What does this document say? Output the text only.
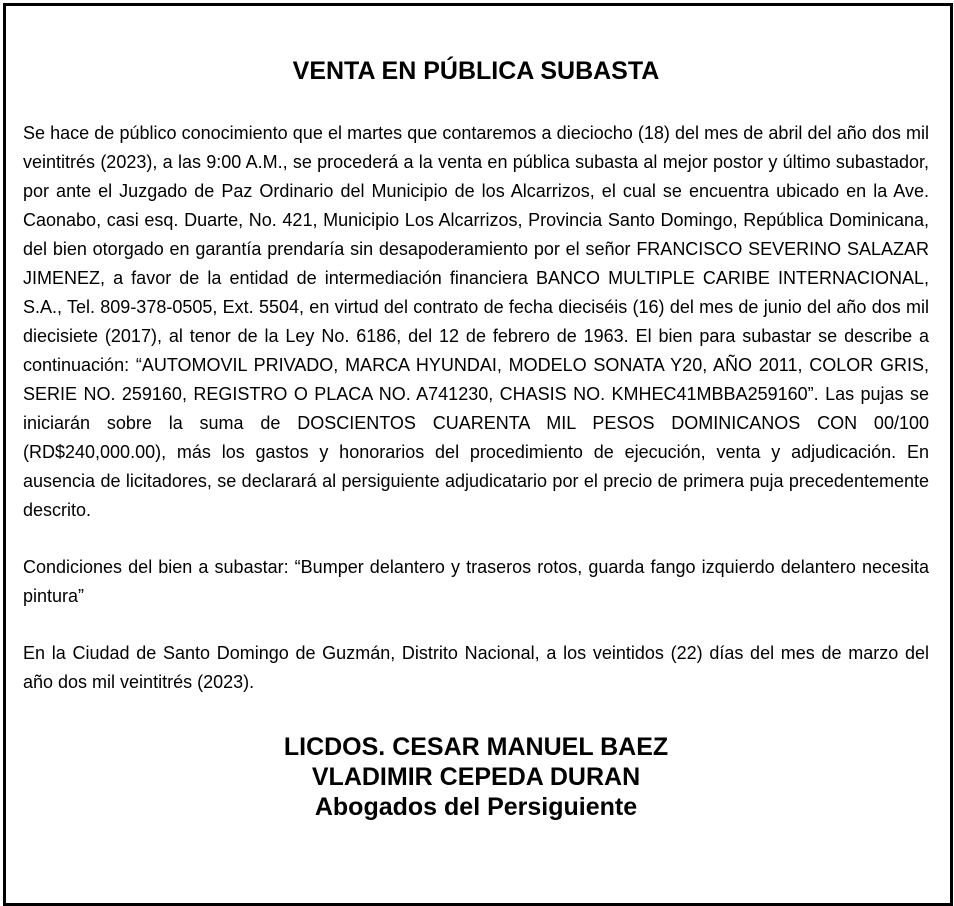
VENTA EN PÚBLICA SUBASTA

Se hace de público conocimiento que el martes que contaremos a dieciocho (18) del mes de abril del año dos mil veintitrés (2023), a las 9:00 A.M., se procederá a la venta en pública subasta al mejor postor y último subastador, por ante el Juzgado de Paz Ordinario del Municipio de los Alcarrizos, el cual se encuentra ubicado en la Ave. Caonabo, casi esq. Duarte, No. 421, Municipio Los Alcarrizos, Provincia Santo Domingo, República Dominicana, del bien otorgado en garantía prendaría sin desapoderamiento por el señor FRANCISCO SEVERINO SALAZAR JIMENEZ, a favor de la entidad de intermediación financiera BANCO MULTIPLE CARIBE INTERNACIONAL, S.A., Tel. 809-378-0505, Ext. 5504, en virtud del contrato de fecha dieciséis (16) del mes de junio del año dos mil diecisiete (2017), al tenor de la Ley No. 6186, del 12 de febrero de 1963. El bien para subastar se describe a continuación: “AUTOMOVIL PRIVADO, MARCA HYUNDAI, MODELO SONATA Y20, AÑO 2011, COLOR GRIS, SERIE NO. 259160, REGISTRO O PLACA NO. A741230, CHASIS NO. KMHEC41MBBA259160”. Las pujas se iniciarán sobre la suma de DOSCIENTOS CUARENTA MIL PESOS DOMINICANOS CON 00/100 (RD$240,000.00), más los gastos y honorarios del procedimiento de ejecución, venta y adjudicación. En ausencia de licitadores, se declarará al persiguiente adjudicatario por el precio de primera puja precedentemente descrito.

Condiciones del bien a subastar: “Bumper delantero y traseros rotos, guarda fango izquierdo delantero necesita pintura”

En la Ciudad de Santo Domingo de Guzmán, Distrito Nacional, a los veintidos (22) días del mes de marzo del año dos mil veintitrés (2023).

LICDOS. CESAR MANUEL BAEZ
VLADIMIR CEPEDA DURAN
Abogados del Persiguiente
